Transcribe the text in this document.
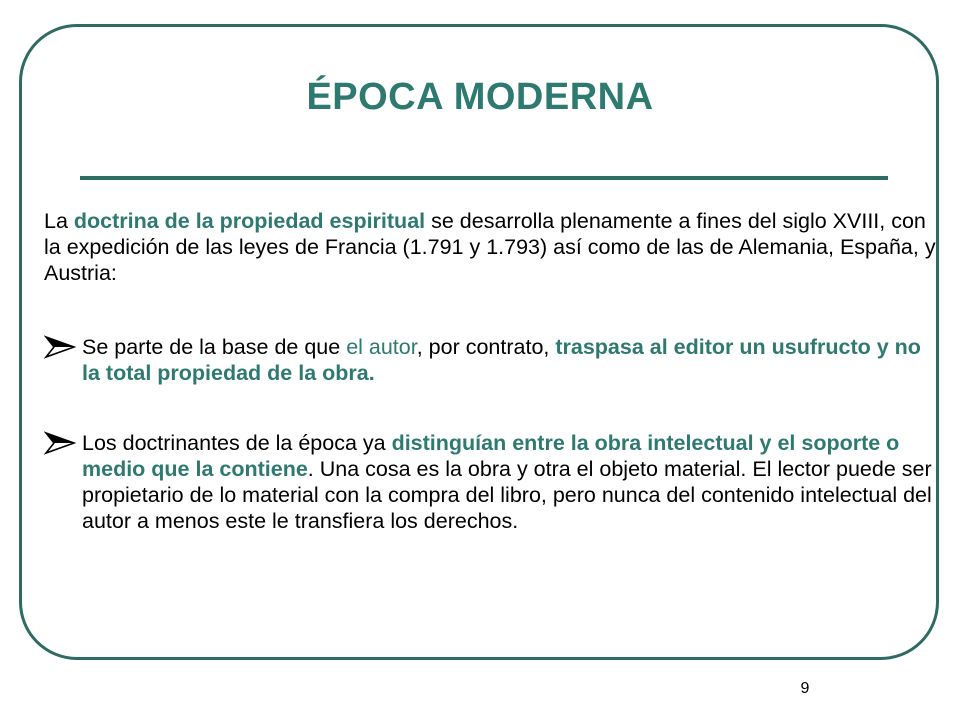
ÉPOCA MODERNA
La doctrina de la propiedad espiritual se desarrolla plenamente a fines del siglo XVIII, con la expedición de las leyes de Francia (1.791 y 1.793) así como de las de Alemania, España, y Austria:
Se parte de la base de que el autor, por contrato, traspasa al editor un usufructo y no la total propiedad de la obra.
Los doctrinantes de la época ya distinguían entre la obra intelectual y el soporte o medio que la contiene. Una cosa es la obra y otra el objeto material. El lector puede ser propietario de lo material con la compra del libro, pero nunca del contenido intelectual del autor a menos este le transfiera los derechos.
9
